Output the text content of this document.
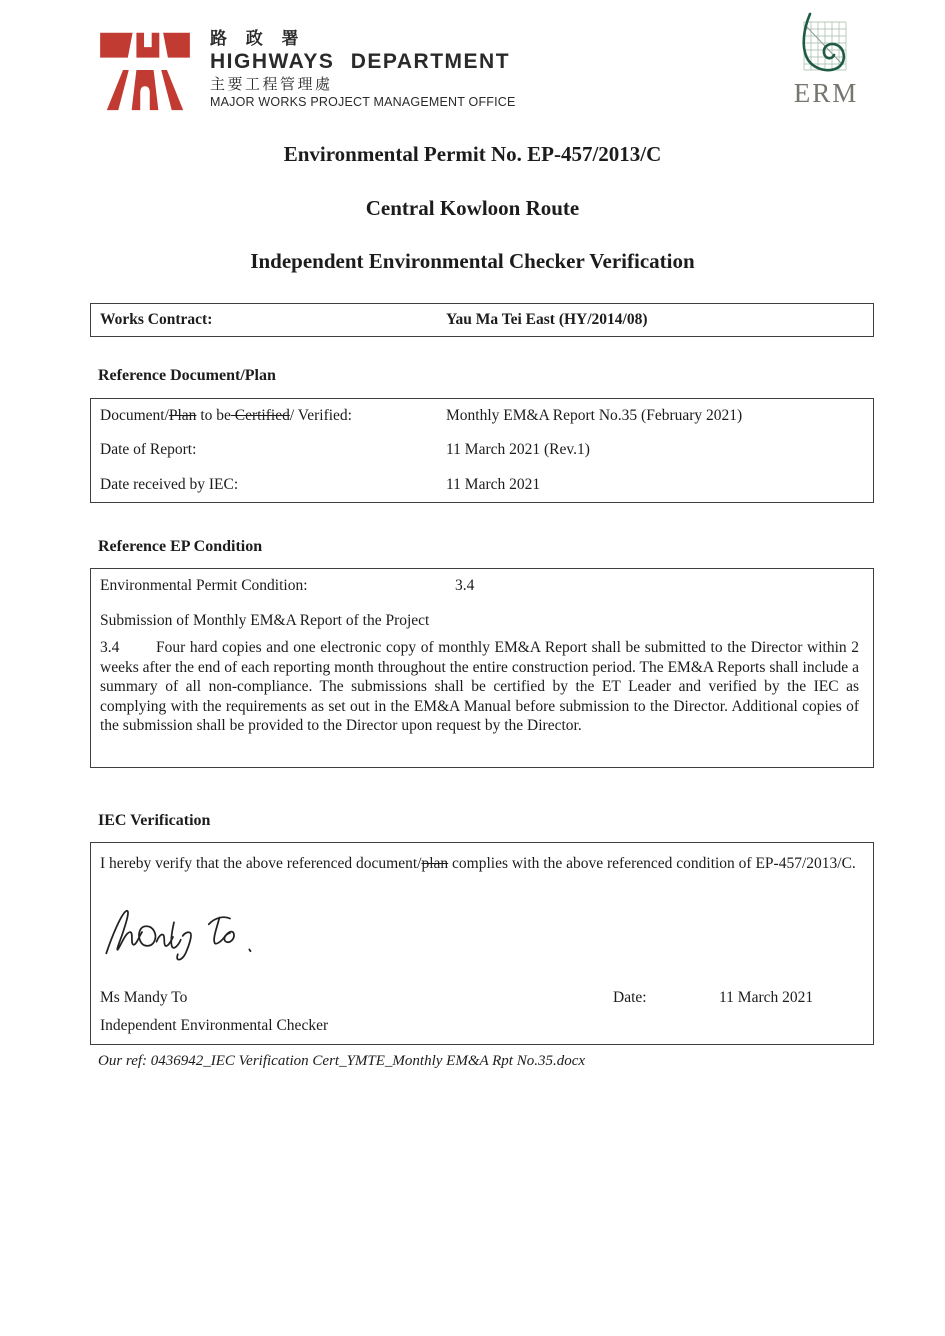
路 政 署
HIGHWAYS DEPARTMENT
主要工程管理處
MAJOR WORKS PROJECT MANAGEMENT OFFICE	ERM
Environmental Permit No. EP-457/2013/C
Central Kowloon Route
Independent Environmental Checker Verification
Works Contract:	Yau Ma Tei East (HY/2014/08)
Reference Document/Plan
Document/Plan to be Certified/ Verified:	Monthly EM&A Report No.35 (February 2021)
Date of Report:	11 March 2021 (Rev.1)
Date received by IEC:	11 March 2021
Reference EP Condition
Environmental Permit Condition:	3.4
Submission of Monthly EM&A Report of the Project
3.4 Four hard copies and one electronic copy of monthly EM&A Report shall be submitted to the Director within 2 weeks after the end of each reporting month throughout the entire construction period. The EM&A Reports shall include a summary of all non-compliance. The submissions shall be certified by the ET Leader and verified by the IEC as complying with the requirements as set out in the EM&A Manual before submission to the Director. Additional copies of the submission shall be provided to the Director upon request by the Director.
IEC Verification
I hereby verify that the above referenced document/plan complies with the above referenced condition of EP-457/2013/C.
Ms Mandy To	Date:	11 March 2021
Independent Environmental Checker
Our ref: 0436942_IEC Verification Cert_YMTE_Monthly EM&A Rpt No.35.docx
